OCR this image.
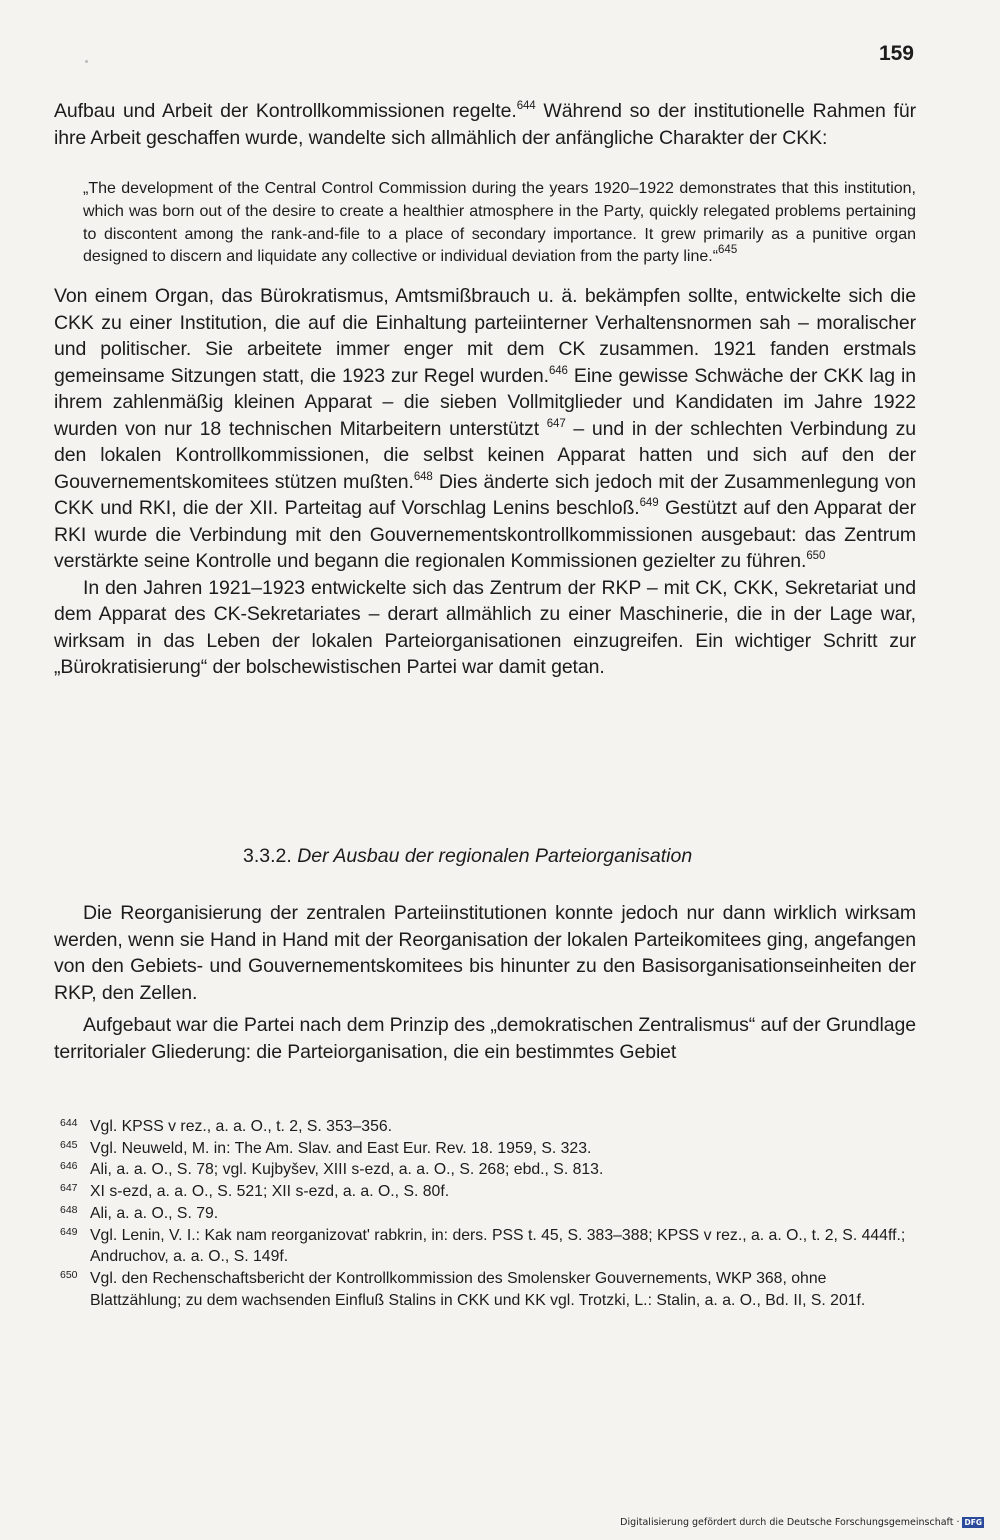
159

Aufbau und Arbeit der Kontrollkommissionen regelte.$^{644}$ Während so der institutionelle Rahmen für ihre Arbeit geschaffen wurde, wandelte sich allmählich der anfängliche Charakter der CKK:

„The development of the Central Control Commission during the years 1920–1922 demonstrates that this institution, which was born out of the desire to create a healthier atmosphere in the Party, quickly relegated problems pertaining to discontent among the rank-and-file to a place of secondary importance. It grew primarily as a punitive organ designed to discern and liquidate any collective or individual deviation from the party line.“$^{645}$

Von einem Organ, das Bürokratismus, Amtsmißbrauch u. ä. bekämpfen sollte, entwickelte sich die CKK zu einer Institution, die auf die Einhaltung parteiinterner Verhaltensnormen sah – moralischer und politischer. Sie arbeitete immer enger mit dem CK zusammen. 1921 fanden erstmals gemeinsame Sitzungen statt, die 1923 zur Regel wurden.$^{646}$ Eine gewisse Schwäche der CKK lag in ihrem zahlenmäßig kleinen Apparat – die sieben Vollmitglieder und Kandidaten im Jahre 1922 wurden von nur 18 technischen Mitarbeitern unterstützt $^{647}$ – und in der schlechten Verbindung zu den lokalen Kontrollkommissionen, die selbst keinen Apparat hatten und sich auf den der Gouvernementskomitees stützen mußten.$^{648}$ Dies änderte sich jedoch mit der Zusammenlegung von CKK und RKI, die der XII. Parteitag auf Vorschlag Lenins beschloß.$^{649}$ Gestützt auf den Apparat der RKI wurde die Verbindung mit den Gouvernementskontrollkommissionen ausgebaut: das Zentrum verstärkte seine Kontrolle und begann die regionalen Kommissionen gezielter zu führen.$^{650}$

In den Jahren 1921–1923 entwickelte sich das Zentrum der RKP – mit CK, CKK, Sekretariat und dem Apparat des CK-Sekretariates – derart allmählich zu einer Maschinerie, die in der Lage war, wirksam in das Leben der lokalen Parteiorganisationen einzugreifen. Ein wichtiger Schritt zur „Bürokratisierung“ der bolschewistischen Partei war damit getan.

3.3.2. Der Ausbau der regionalen Parteiorganisation

Die Reorganisierung der zentralen Parteiinstitutionen konnte jedoch nur dann wirklich wirksam werden, wenn sie Hand in Hand mit der Reorganisation der lokalen Parteikomitees ging, angefangen von den Gebiets- und Gouvernementskomitees bis hinunter zu den Basisorganisationseinheiten der RKP, den Zellen.

Aufgebaut war die Partei nach dem Prinzip des „demokratischen Zentralismus“ auf der Grundlage territorialer Gliederung: die Parteiorganisation, die ein bestimmtes Gebiet

644 Vgl. KPSS v rez., a. a. O., t. 2, S. 353–356.
645 Vgl. Neuweld, M. in: The Am. Slav. and East Eur. Rev. 18. 1959, S. 323.
646 Ali, a. a. O., S. 78; vgl. Kujbyšev, XIII s-ezd, a. a. O., S. 268; ebd., S. 813.
647 XI s-ezd, a. a. O., S. 521; XII s-ezd, a. a. O., S. 80f.
648 Ali, a. a. O., S. 79.
649 Vgl. Lenin, V. I.: Kak nam reorganizovat' rabkrin, in: ders. PSS t. 45, S. 383–388; KPSS v rez., a. a. O., t. 2, S. 444ff.; Andruchov, a. a. O., S. 149f.
650 Vgl. den Rechenschaftsbericht der Kontrollkommission des Smolensker Gouvernements, WKP 368, ohne Blattzählung; zu dem wachsenden Einfluß Stalins in CKK und KK vgl. Trotzki, L.: Stalin, a. a. O., Bd. II, S. 201f.
Digitalisierung gefördert durch die Deutsche Forschungsgemeinschaft · DFG
